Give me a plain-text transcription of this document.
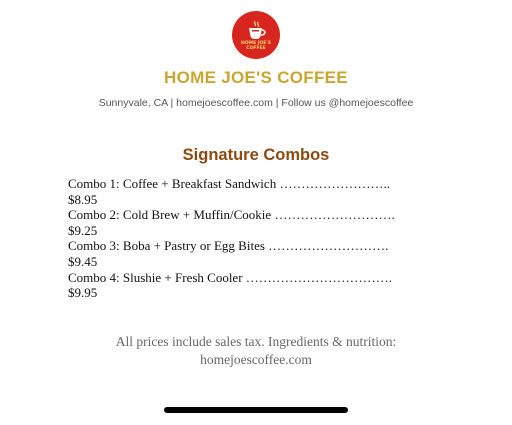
HOME JOE'S
COFFEE
HOME JOE'S COFFEE
Sunnyvale, CA | homejoescoffee.com | Follow us @homejoescoffee
Signature Combos
Combo 1: Coffee + Breakfast Sandwich ……………………..
$8.95
Combo 2: Cold Brew + Muffin/Cookie ……………………….
$9.25
Combo 3: Boba + Pastry or Egg Bites ……………………….
$9.45
Combo 4: Slushie + Fresh Cooler …………………………….
$9.95
All prices include sales tax. Ingredients & nutrition:
homejoescoffee.com
